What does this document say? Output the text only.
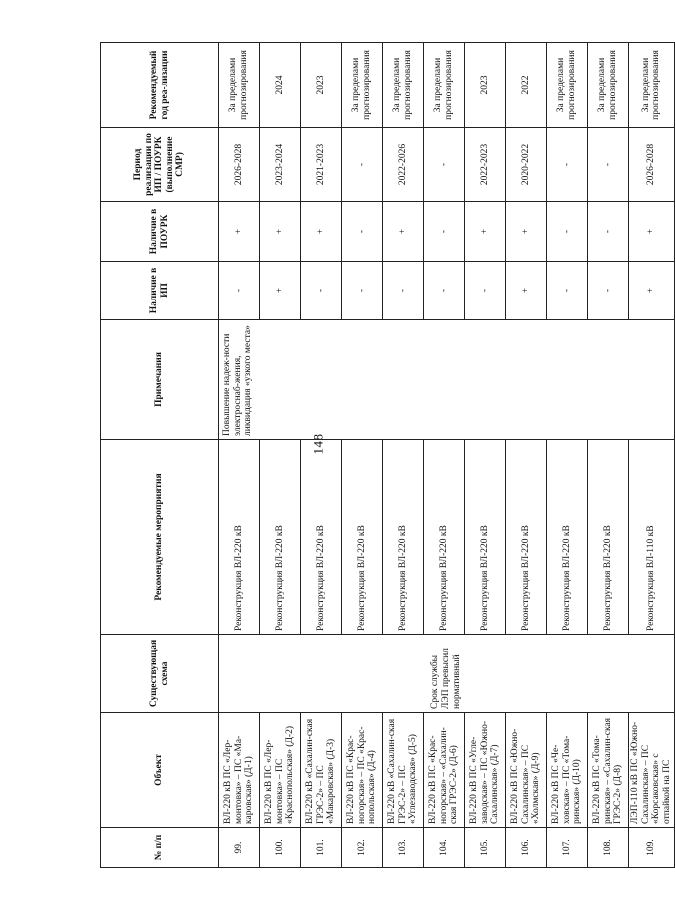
148
№ п/п	Объект	Существующая схема	Рекомендуемые мероприятия	Примечания	Наличие в ИП	Наличие в ПОУРК	Период реализации по ИП / ПОУРК (выполнение СМР)	Рекомендуемый год реа-лизации
99.	ВЛ-220 кВ ПС «Лер-монтовка» – ПС «Ма-каровская» (Д-1)	Срок службы ЛЭП превысил нормативный	Реконструкция ВЛ-220 кВ	Повышение надеж-ности электроснаб-жения, ликвидация «узкого места»	-	+	2026-2028	За пределами прогнозирования
100.	ВЛ-220 кВ ПС «Лер-монтовка» – ПС «Краснопольская» (Д-2)		Реконструкция ВЛ-220 кВ		+	+	2023-2024	2024
101.	ВЛ-220 кВ «Сахалин-ская ГРЭС-2» – ПС «Макаровская» (Д-3)		Реконструкция ВЛ-220 кВ		-	+	2021-2023	2023
102.	ВЛ-220 кВ ПС «Крас-ногорская» – ПС «Крас-нопольская» (Д-4)		Реконструкция ВЛ-220 кВ		-	-	-	За пределами прогнозирования
103.	ВЛ-220 кВ «Сахалин-ская ГРЭС-2» – ПС «Углезаводская» (Д-5)		Реконструкция ВЛ-220 кВ		-	+	2022-2026	За пределами прогнозирования
104.	ВЛ-220 кВ ПС «Крас-ногорская» – «Сахалин-ская ГРЭС-2» (Д-6)		Реконструкция ВЛ-220 кВ		-	-	-	За пределами прогнозирования
105.	ВЛ-220 кВ ПС «Угле-заводская» – ПС «Южно-Сахалинская» (Д-7)		Реконструкция ВЛ-220 кВ		-	+	2022-2023	2023
106.	ВЛ-220 кВ ПС «Южно-Сахалинская» – ПС «Холмская» (Д-9)		Реконструкция ВЛ-220 кВ		+	+	2020-2022	2022
107.	ВЛ-220 кВ ПС «Че-ховская» – ПС «Тома-ринская» (Д-10)		Реконструкция ВЛ-220 кВ		-	-	-	За пределами прогнозирования
108.	ВЛ-220 кВ ПС «Тома-ринская» – «Сахалин-ская ГРЭС-2» (Д-8)		Реконструкция ВЛ-220 кВ		-	-	-	За пределами прогнозирования
109.	ЛЭП-110 кВ ПС «Южно-Сахалинская» – ПС «Корсаковская» с отпайкой на ПС		Реконструкция ВЛ-110 кВ		+	+	2026-2028	За пределами прогнозирования
